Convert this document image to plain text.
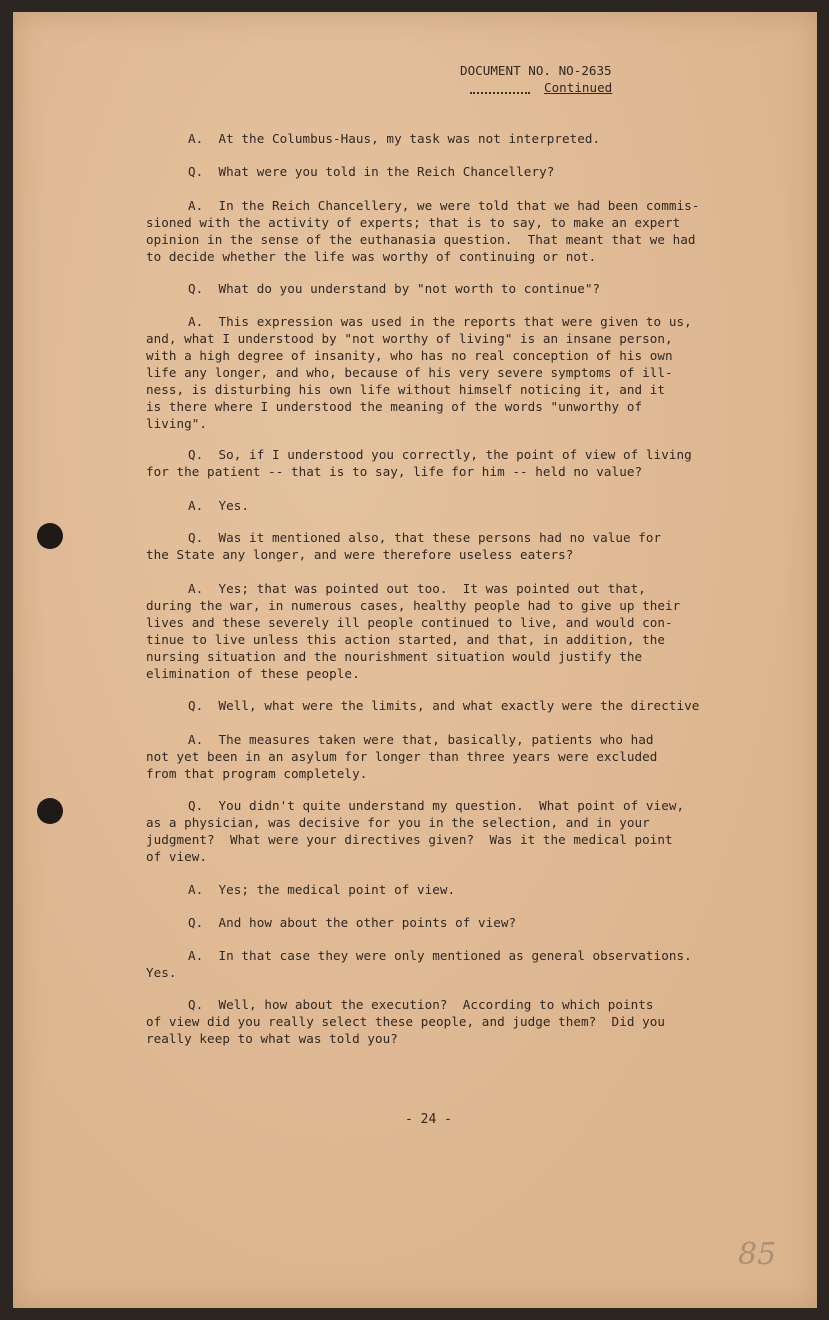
DOCUMENT NO. NO-2635

Continued

A.  At the Columbus-Haus, my task was not interpreted.

Q.  What were you told in the Reich Chancellery?

A.  In the Reich Chancellery, we were told that we had been commis-

sioned with the activity of experts; that is to say, to make an expert

opinion in the sense of the euthanasia question.  That meant that we had

to decide whether the life was worthy of continuing or not.

Q.  What do you understand by "not worth to continue"?

A.  This expression was used in the reports that were given to us,

and, what I understood by "not worthy of living" is an insane person,

with a high degree of insanity, who has no real conception of his own

life any longer, and who, because of his very severe symptoms of ill-

ness, is disturbing his own life without himself noticing it, and it

is there where I understood the meaning of the words "unworthy of

living".

Q.  So, if I understood you correctly, the point of view of living

for the patient -- that is to say, life for him -- held no value?

A.  Yes.

Q.  Was it mentioned also, that these persons had no value for

the State any longer, and were therefore useless eaters?

A.  Yes; that was pointed out too.  It was pointed out that,

during the war, in numerous cases, healthy people had to give up their

lives and these severely ill people continued to live, and would con-

tinue to live unless this action started, and that, in addition, the

nursing situation and the nourishment situation would justify the

elimination of these people.

Q.  Well, what were the limits, and what exactly were the directive

A.  The measures taken were that, basically, patients who had

not yet been in an asylum for longer than three years were excluded

from that program completely.

Q.  You didn't quite understand my question.  What point of view,

as a physician, was decisive for you in the selection, and in your

judgment?  What were your directives given?  Was it the medical point

of view.

A.  Yes; the medical point of view.

Q.  And how about the other points of view?

A.  In that case they were only mentioned as general observations.

Yes.

Q.  Well, how about the execution?  According to which points

of view did you really select these people, and judge them?  Did you

really keep to what was told you?

- 24 -

85
